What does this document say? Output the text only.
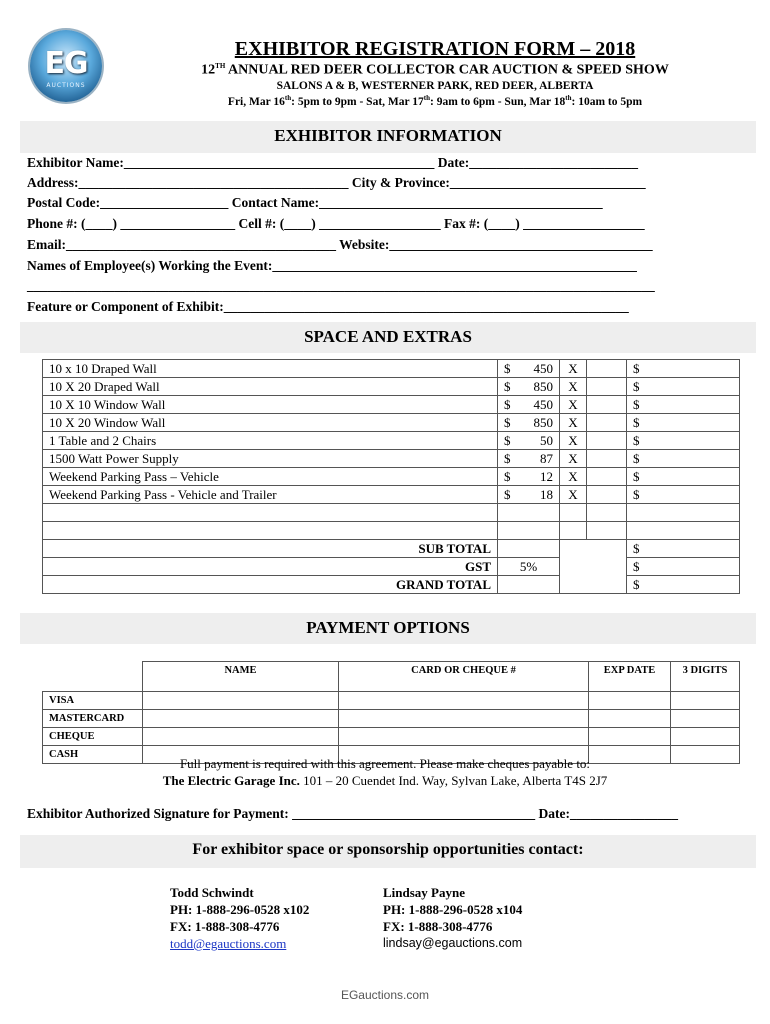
EG
AUCTIONS
EXHIBITOR REGISTRATION FORM – 2018
12TH ANNUAL RED DEER COLLECTOR CAR AUCTION & SPEED SHOW
SALONS A & B, WESTERNER PARK, RED DEER, ALBERTA
Fri, Mar 16th: 5pm to 9pm - Sat, Mar 17th: 9am to 6pm - Sun, Mar 18th: 10am to 5pm
EXHIBITOR INFORMATION
Exhibitor Name:______________________________________________ Date:_________________________
Address:________________________________________ City & Province:_____________________________
Postal Code:___________________ Contact Name:__________________________________________
Phone #: (____) _________________ Cell #: (____) __________________ Fax #: (____) __________________
Email:________________________________________ Website:_______________________________________
Names of Employee(s) Working the Event:______________________________________________________
_____________________________________________________________________________________________
Feature or Component of Exhibit:____________________________________________________________
SPACE AND EXTRAS
10 x 10 Draped Wall	$ 450	X		$
10 X 20 Draped Wall	$ 850	X		$
10 X 10 Window Wall	$ 450	X		$
10 X 20 Window Wall	$ 850	X		$
1 Table and 2 Chairs	$ 50	X		$
1500 Watt Power Supply	$ 87	X		$
Weekend Parking Pass – Vehicle	$ 12	X		$
Weekend Parking Pass - Vehicle and Trailer	$ 18	X		$

SUB TOTAL				$
GST	5%			$
GRAND TOTAL				$
PAYMENT OPTIONS
	NAME	CARD OR CHEQUE #	EXP DATE	3 DIGITS
VISA				
MASTERCARD				
CHEQUE				
CASH				
Full payment is required with this agreement. Please make cheques payable to:
The Electric Garage Inc. 101 – 20 Cuendet Ind. Way, Sylvan Lake, Alberta T4S 2J7
Exhibitor Authorized Signature for Payment: ____________________________________ Date:________________
For exhibitor space or sponsorship opportunities contact:
Todd Schwindt
PH: 1-888-296-0528 x102
FX: 1-888-308-4776
todd@egauctions.com
Lindsay Payne
PH: 1-888-296-0528 x104
FX: 1-888-308-4776
lindsay@egauctions.com
EGauctions.com
